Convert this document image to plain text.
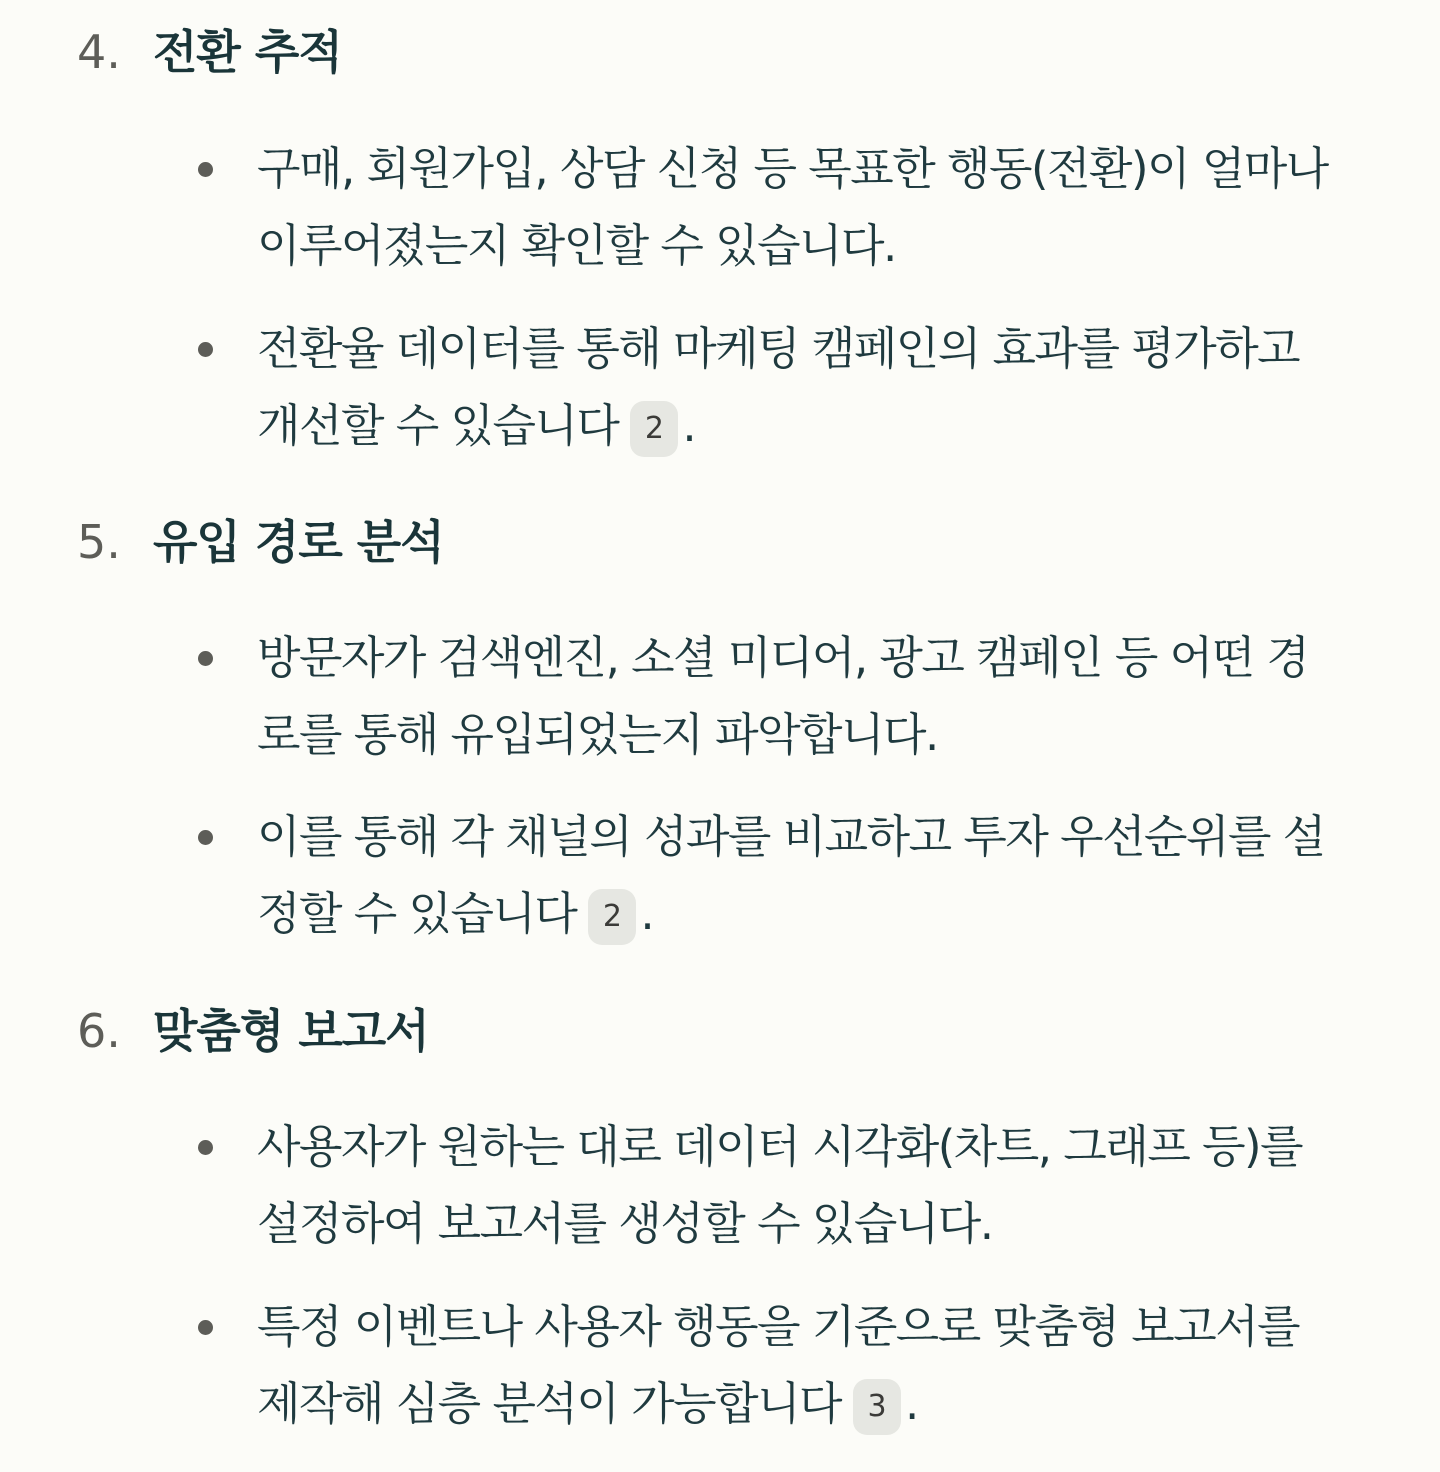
4. 전환 추적

구매, 회원가입, 상담 신청 등 목표한 행동(전환)이 얼마나
이루어졌는지 확인할 수 있습니다.

전환율 데이터를 통해 마케팅 캠페인의 효과를 평가하고
개선할 수 있습니다 2 .

5. 유입 경로 분석

방문자가 검색엔진, 소셜 미디어, 광고 캠페인 등 어떤 경
로를 통해 유입되었는지 파악합니다.

이를 통해 각 채널의 성과를 비교하고 투자 우선순위를 설
정할 수 있습니다 2 .

6. 맞춤형 보고서

사용자가 원하는 대로 데이터 시각화(차트, 그래프 등)를
설정하여 보고서를 생성할 수 있습니다.

특정 이벤트나 사용자 행동을 기준으로 맞춤형 보고서를
제작해 심층 분석이 가능합니다 3 .
